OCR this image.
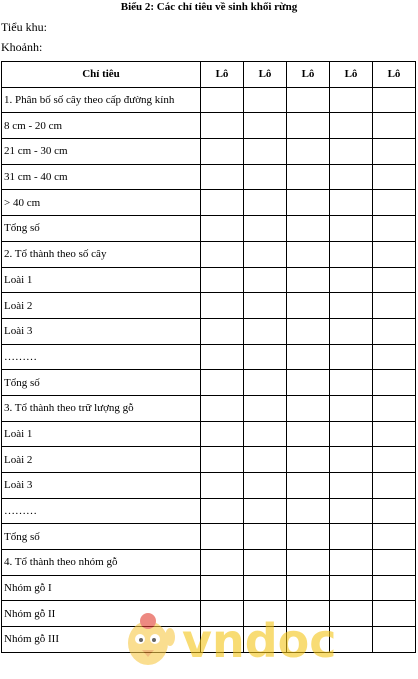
Biểu 2: Các chỉ tiêu về sinh khối rừng
Tiểu khu:
Khoảnh:
Chỉ tiêu	Lô	Lô	Lô	Lô	Lô
1. Phân bố số cây theo cấp đường kính					
8 cm - 20 cm					
21 cm - 30 cm					
31 cm - 40 cm					
> 40 cm					
Tổng số					
2. Tổ thành theo số cây					
Loài 1					
Loài 2					
Loài 3					
………					
Tổng số					
3. Tổ thành theo trữ lượng gỗ					
Loài 1					
Loài 2					
Loài 3					
………					
Tổng số					
4. Tổ thành theo nhóm gỗ					
Nhóm gỗ I					
Nhóm gỗ II					
Nhóm gỗ III						vndoc
